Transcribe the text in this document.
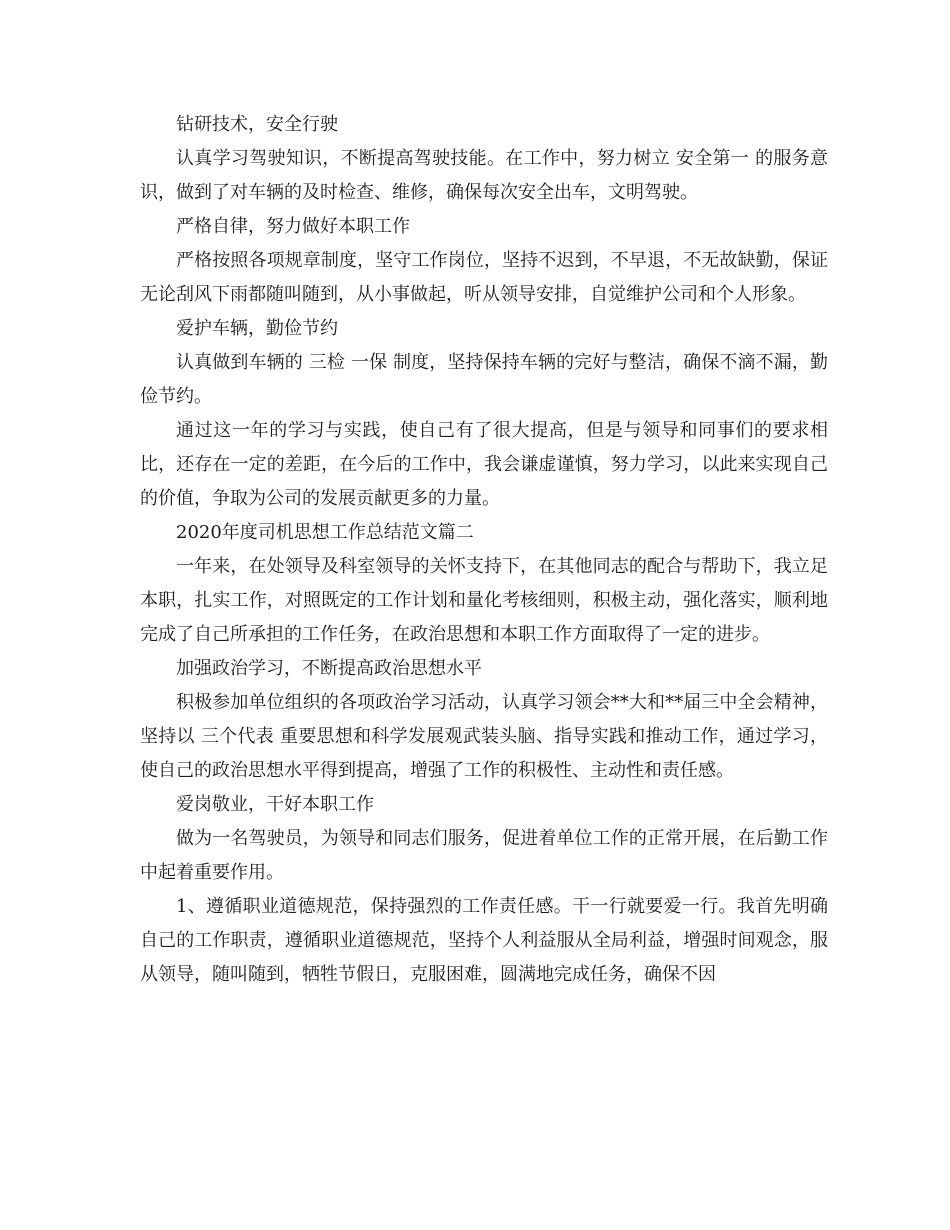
钻研技术，安全行驶

认真学习驾驶知识，不断提高驾驶技能。在工作中，努力树立 安全第一 的服务意识，做到了对车辆的及时检查、维修，确保每次安全出车，文明驾驶。

严格自律，努力做好本职工作

严格按照各项规章制度，坚守工作岗位，坚持不迟到，不早退，不无故缺勤，保证无论刮风下雨都随叫随到，从小事做起，听从领导安排，自觉维护公司和个人形象。

爱护车辆，勤俭节约

认真做到车辆的 三检 一保 制度，坚持保持车辆的完好与整洁，确保不滴不漏，勤俭节约。

通过这一年的学习与实践，使自己有了很大提高，但是与领导和同事们的要求相比，还存在一定的差距，在今后的工作中，我会谦虚谨慎，努力学习，以此来实现自己的价值，争取为公司的发展贡献更多的力量。

2020年度司机思想工作总结范文篇二

一年来，在处领导及科室领导的关怀支持下，在其他同志的配合与帮助下，我立足本职，扎实工作，对照既定的工作计划和量化考核细则，积极主动，强化落实，顺利地完成了自己所承担的工作任务，在政治思想和本职工作方面取得了一定的进步。

加强政治学习，不断提高政治思想水平

积极参加单位组织的各项政治学习活动，认真学习领会**大和**届三中全会精神，坚持以 三个代表 重要思想和科学发展观武装头脑、指导实践和推动工作，通过学习，使自己的政治思想水平得到提高，增强了工作的积极性、主动性和责任感。

爱岗敬业，干好本职工作

做为一名驾驶员，为领导和同志们服务，促进着单位工作的正常开展，在后勤工作中起着重要作用。

1、遵循职业道德规范，保持强烈的工作责任感。干一行就要爱一行。我首先明确自己的工作职责，遵循职业道德规范，坚持个人利益服从全局利益，增强时间观念，服从领导，随叫随到，牺牲节假日，克服困难，圆满地完成任务，确保不因
